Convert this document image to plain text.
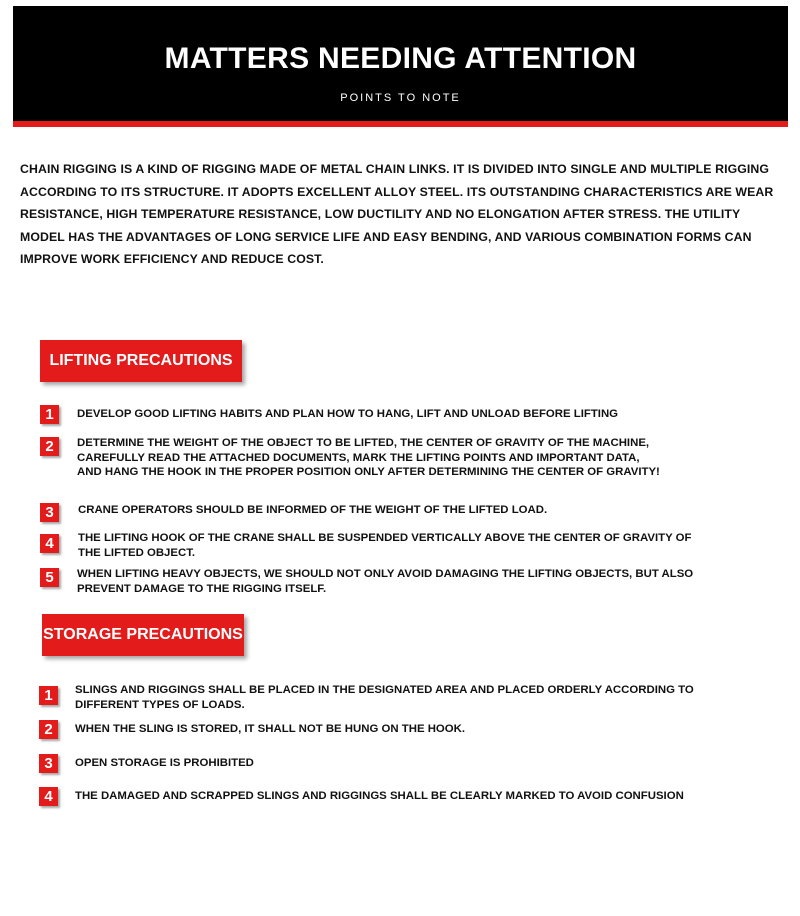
MATTERS NEEDING ATTENTION
POINTS TO NOTE
CHAIN RIGGING IS A KIND OF RIGGING MADE OF METAL CHAIN LINKS. IT IS DIVIDED INTO SINGLE AND MULTIPLE RIGGING ACCORDING TO ITS STRUCTURE. IT ADOPTS EXCELLENT ALLOY STEEL. ITS OUTSTANDING CHARACTERISTICS ARE WEAR RESISTANCE, HIGH TEMPERATURE RESISTANCE, LOW DUCTILITY AND NO ELONGATION AFTER STRESS. THE UTILITY MODEL HAS THE ADVANTAGES OF LONG SERVICE LIFE AND EASY BENDING, AND VARIOUS COMBINATION FORMS CAN IMPROVE WORK EFFICIENCY AND REDUCE COST.
LIFTING PRECAUTIONS
1	DEVELOP GOOD LIFTING HABITS AND PLAN HOW TO HANG, LIFT AND UNLOAD BEFORE LIFTING
2	DETERMINE THE WEIGHT OF THE OBJECT TO BE LIFTED, THE CENTER OF GRAVITY OF THE MACHINE,
CAREFULLY READ THE ATTACHED DOCUMENTS, MARK THE LIFTING POINTS AND IMPORTANT DATA,
AND HANG THE HOOK IN THE PROPER POSITION ONLY AFTER DETERMINING THE CENTER OF GRAVITY!
3	CRANE OPERATORS SHOULD BE INFORMED OF THE WEIGHT OF THE LIFTED LOAD.
4	THE LIFTING HOOK OF THE CRANE SHALL BE SUSPENDED VERTICALLY ABOVE THE CENTER OF GRAVITY OF
THE LIFTED OBJECT.
5	WHEN LIFTING HEAVY OBJECTS, WE SHOULD NOT ONLY AVOID DAMAGING THE LIFTING OBJECTS, BUT ALSO
PREVENT DAMAGE TO THE RIGGING ITSELF.
STORAGE PRECAUTIONS
1	SLINGS AND RIGGINGS SHALL BE PLACED IN THE DESIGNATED AREA AND PLACED ORDERLY ACCORDING TO
DIFFERENT TYPES OF LOADS.
2	WHEN THE SLING IS STORED, IT SHALL NOT BE HUNG ON THE HOOK.
3	OPEN STORAGE IS PROHIBITED
4	THE DAMAGED AND SCRAPPED SLINGS AND RIGGINGS SHALL BE CLEARLY MARKED TO AVOID CONFUSION
